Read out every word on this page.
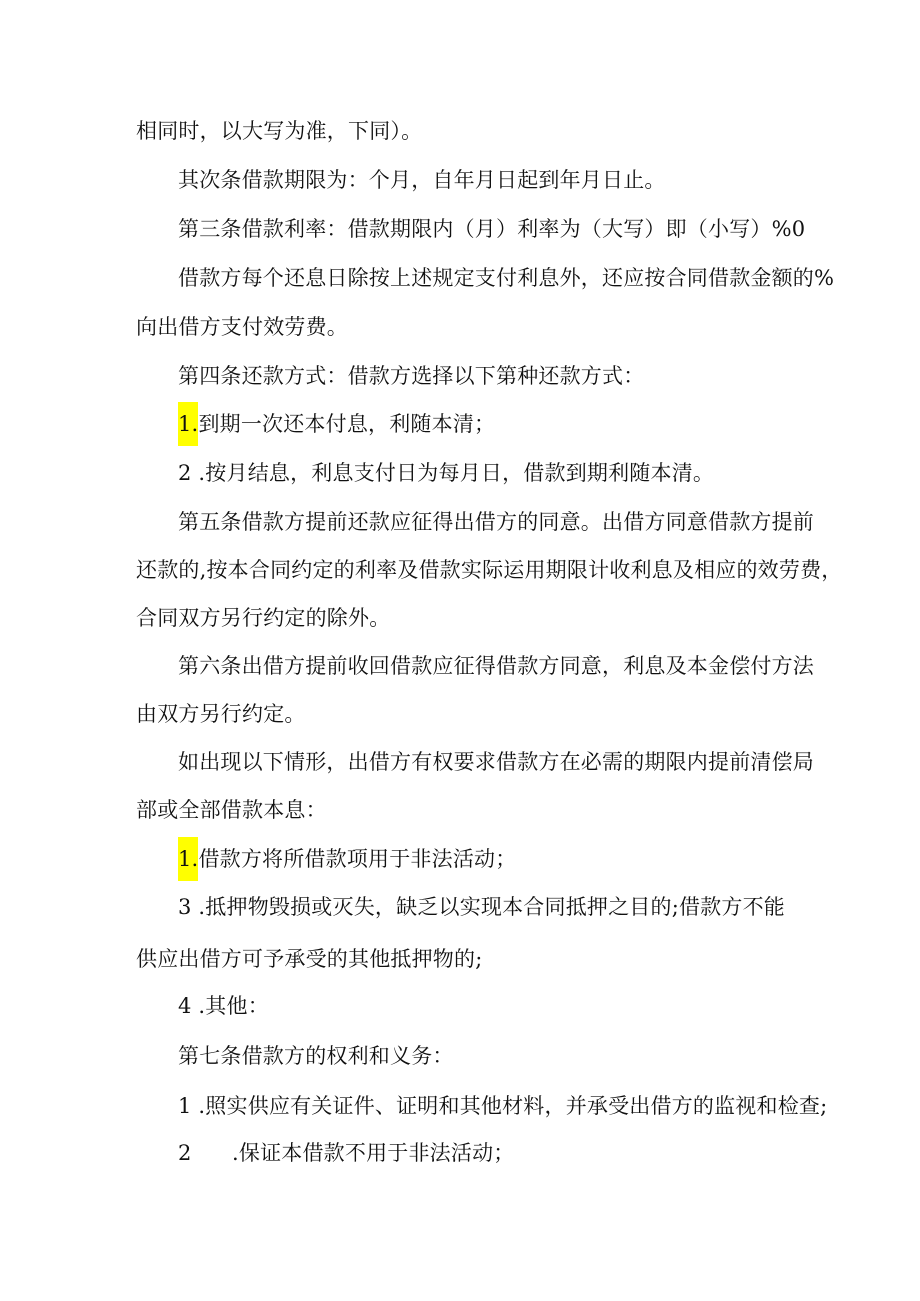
相同时，以大写为准，下同）。
其次条借款期限为：个月，自年月日起到年月日止。
第三条借款利率：借款期限内（月）利率为（大写）即（小写）%0
借款方每个还息日除按上述规定支付利息外，还应按合同借款金额的%
向出借方支付效劳费。
第四条还款方式：借款方选择以下第种还款方式：
1.到期一次还本付息，利随本清；
2 .按月结息，利息支付日为每月日，借款到期利随本清。
第五条借款方提前还款应征得出借方的同意。出借方同意借款方提前
还款的,按本合同约定的利率及借款实际运用期限计收利息及相应的效劳费，
合同双方另行约定的除外。
第六条出借方提前收回借款应征得借款方同意，利息及本金偿付方法
由双方另行约定。
如出现以下情形，出借方有权要求借款方在必需的期限内提前清偿局
部或全部借款本息：
1.借款方将所借款项用于非法活动；
3 .抵押物毁损或灭失，缺乏以实现本合同抵押之目的;借款方不能
供应出借方可予承受的其他抵押物的;
4 .其他：
第七条借款方的权利和义务：
1 .照实供应有关证件、证明和其他材料，并承受出借方的监视和检查;
2 .保证本借款不用于非法活动；
